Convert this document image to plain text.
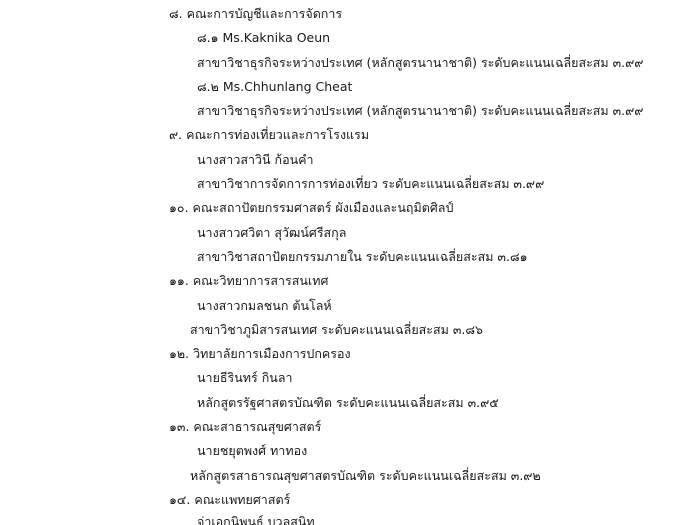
๘. คณะการบัญชีและการจัดการ
๘.๑ Ms.Kaknika Oeun
สาขาวิชาธุรกิจระหว่างประเทศ (หลักสูตรนานาชาติ) ระดับคะแนนเฉลี่ยสะสม ๓.๙๙
๘.๒ Ms.Chhunlang Cheat
สาขาวิชาธุรกิจระหว่างประเทศ (หลักสูตรนานาชาติ) ระดับคะแนนเฉลี่ยสะสม ๓.๙๙
๙. คณะการท่องเที่ยวและการโรงแรม
นางสาวสาวินี ก้อนคำ
สาขาวิชาการจัดการการท่องเที่ยว ระดับคะแนนเฉลี่ยสะสม ๓.๙๙
๑๐. คณะสถาปัตยกรรมศาสตร์ ผังเมืองและนฤมิตศิลป์
นางสาวศวิตา สุวัฒน์ศรีสกุล
สาขาวิชาสถาปัตยกรรมภายใน ระดับคะแนนเฉลี่ยสะสม ๓.๘๑
๑๑. คณะวิทยาการสารสนเทศ
นางสาวกมลชนก ต้นโลห์
สาขาวิชาภูมิสารสนเทศ ระดับคะแนนเฉลี่ยสะสม ๓.๘๖
๑๒. วิทยาลัยการเมืองการปกครอง
นายธีรินทร์ กินลา
หลักสูตรรัฐศาสตรบัณฑิต ระดับคะแนนเฉลี่ยสะสม ๓.๙๕
๑๓. คณะสาธารณสุขศาสตร์
นายชยุตพงศ์ ทาทอง
หลักสูตรสาธารณสุขศาสตรบัณฑิต ระดับคะแนนเฉลี่ยสะสม ๓.๙๒
๑๔. คณะแพทยศาสตร์
จ่าเอกนิพนธ์ บวลสนิท
